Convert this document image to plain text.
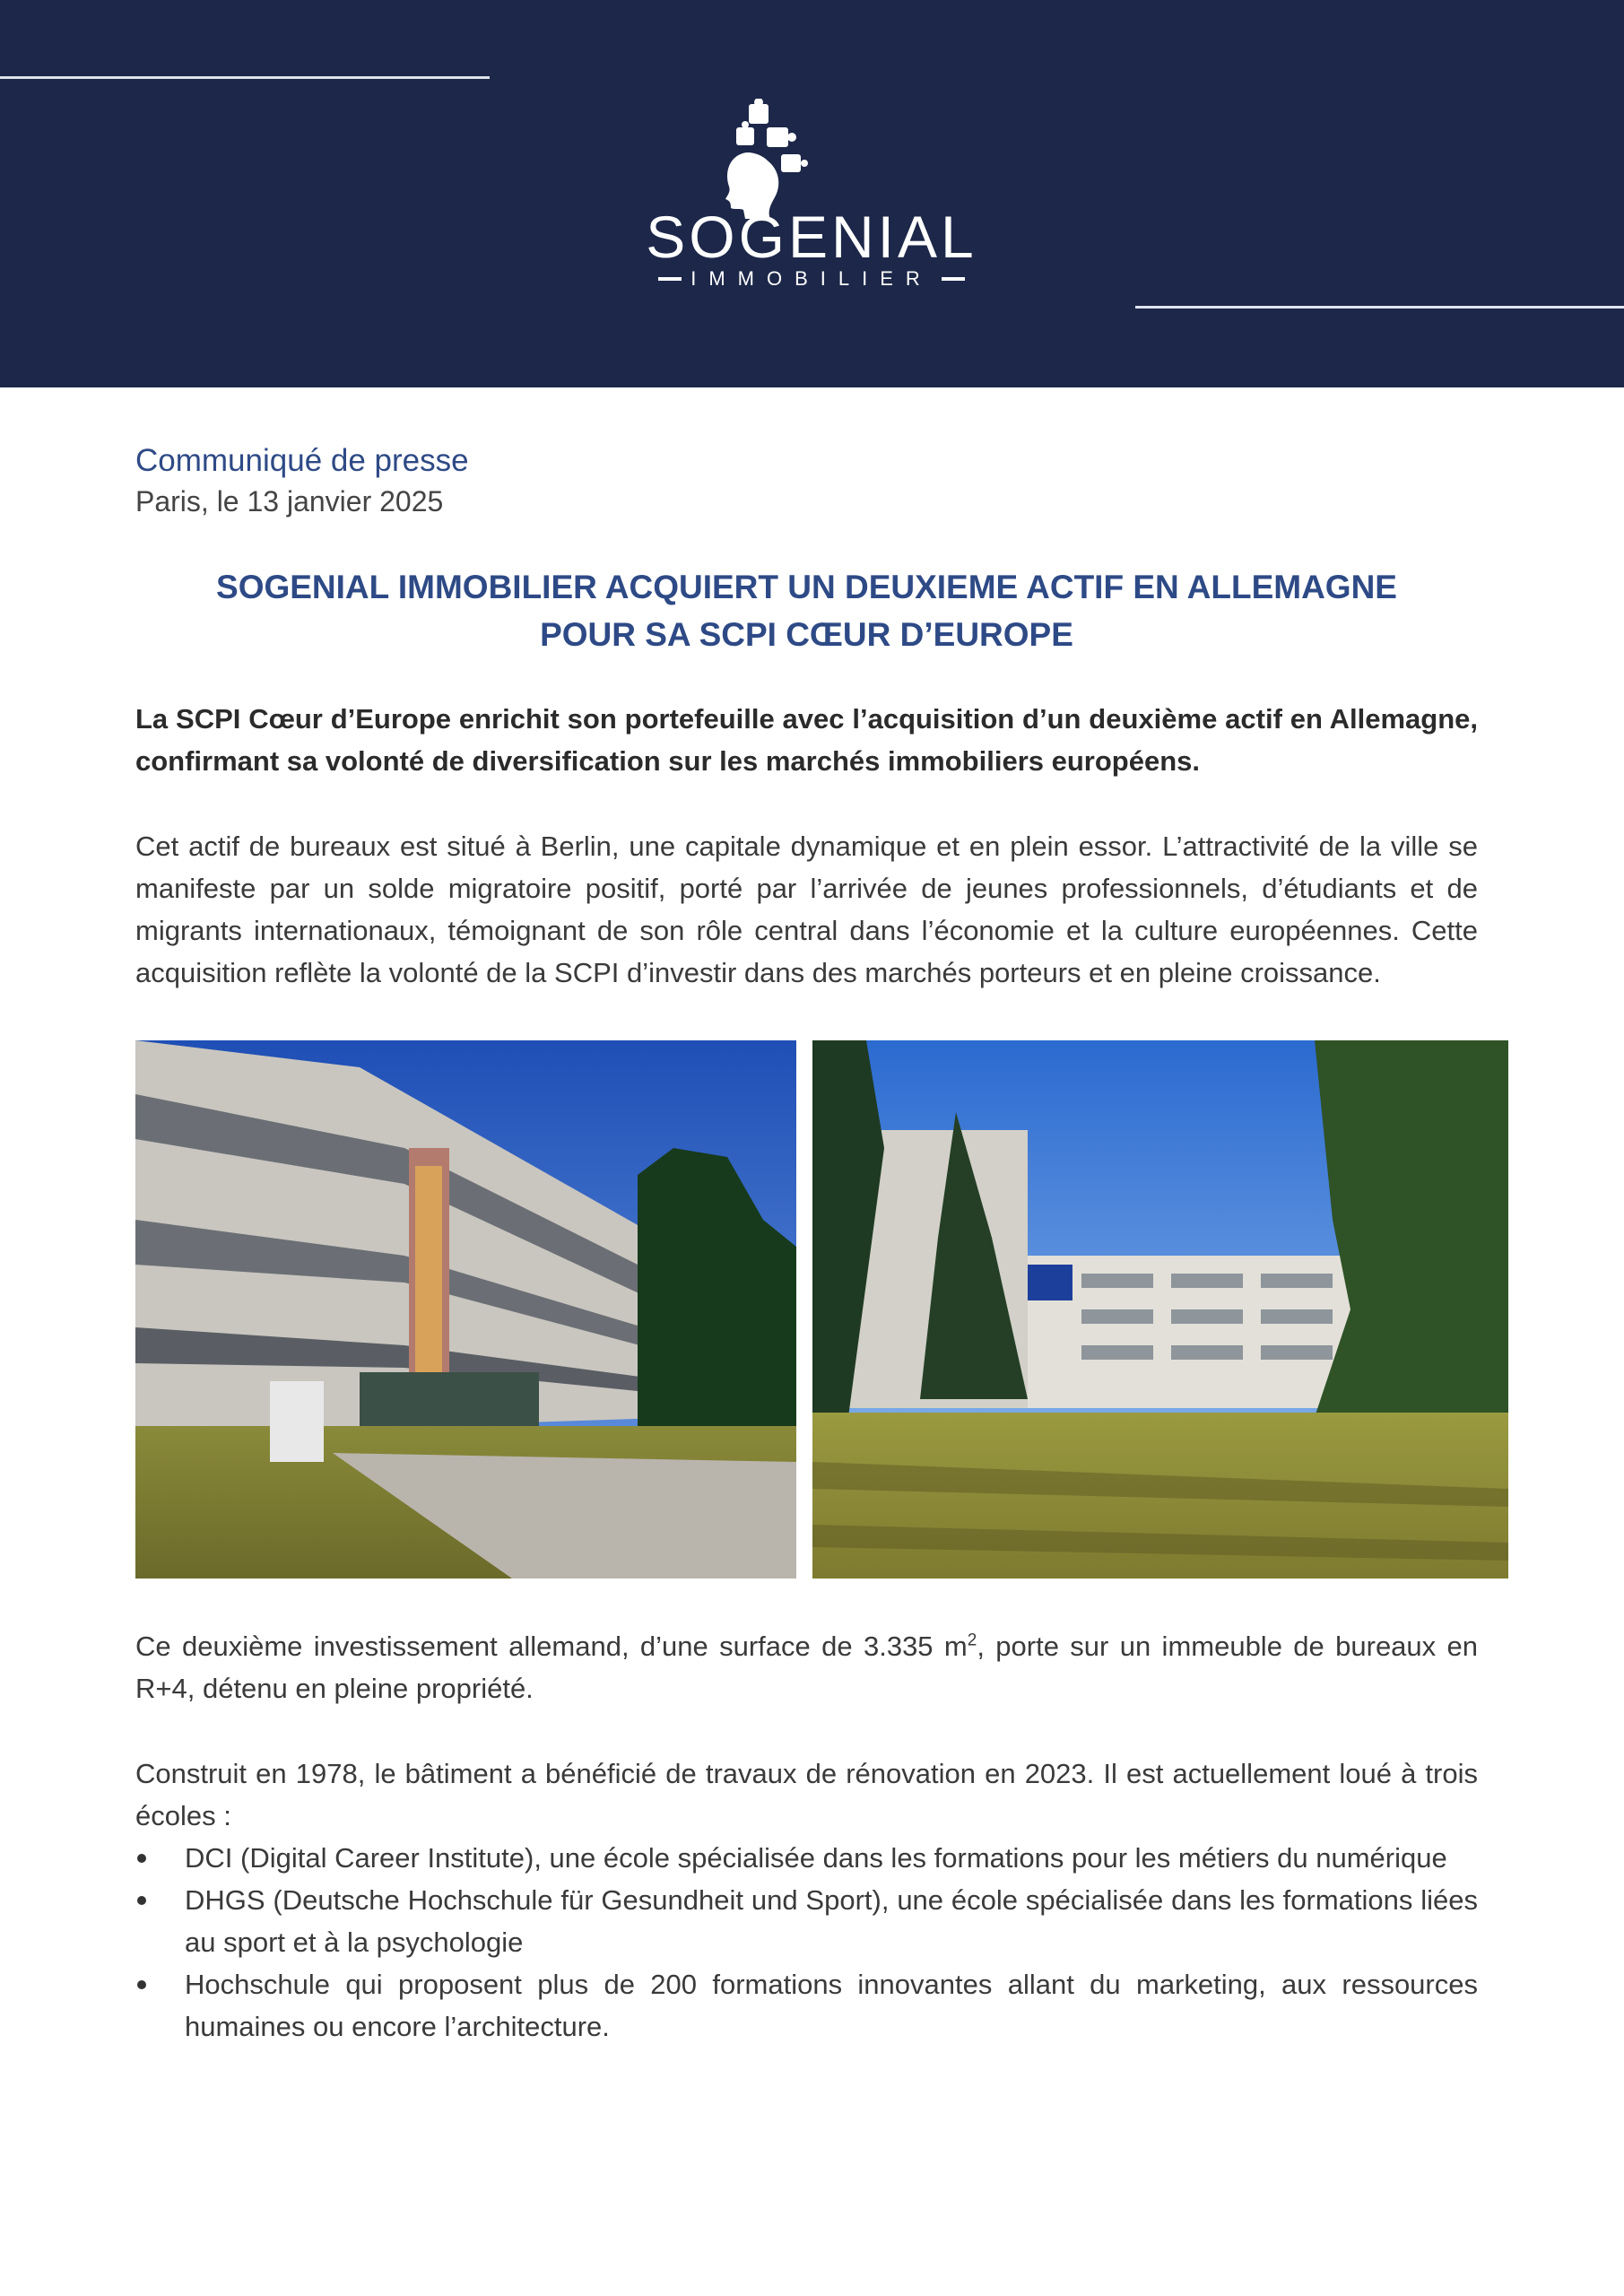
SOGENIAL
IMMOBILIER
Communiqué de presse
Paris, le 13 janvier 2025
SOGENIAL IMMOBILIER ACQUIERT UN DEUXIEME ACTIF EN ALLEMAGNE
POUR SA SCPI CŒUR D’EUROPE
La SCPI Cœur d’Europe enrichit son portefeuille avec l’acquisition d’un deuxième actif en Allemagne, confirmant sa volonté de diversification sur les marchés immobiliers européens.
Cet actif de bureaux est situé à Berlin, une capitale dynamique et en plein essor. L’attractivité de la ville se manifeste par un solde migratoire positif, porté par l’arrivée de jeunes professionnels, d’étudiants et de migrants internationaux, témoignant de son rôle central dans l’économie et la culture européennes. Cette acquisition reflète la volonté de la SCPI d’investir dans des marchés porteurs et en pleine croissance.
Ce deuxième investissement allemand, d’une surface de 3.335 $m^2$, porte sur un immeuble de bureaux en R+4, détenu en pleine propriété.
Construit en 1978, le bâtiment a bénéficié de travaux de rénovation en 2023. Il est actuellement loué à trois écoles :
DCI (Digital Career Institute), une école spécialisée dans les formations pour les métiers du numérique
DHGS (Deutsche Hochschule für Gesundheit und Sport), une école spécialisée dans les formations liées au sport et à la psychologie
Hochschule qui proposent plus de 200 formations innovantes allant du marketing, aux ressources humaines ou encore l’architecture.
